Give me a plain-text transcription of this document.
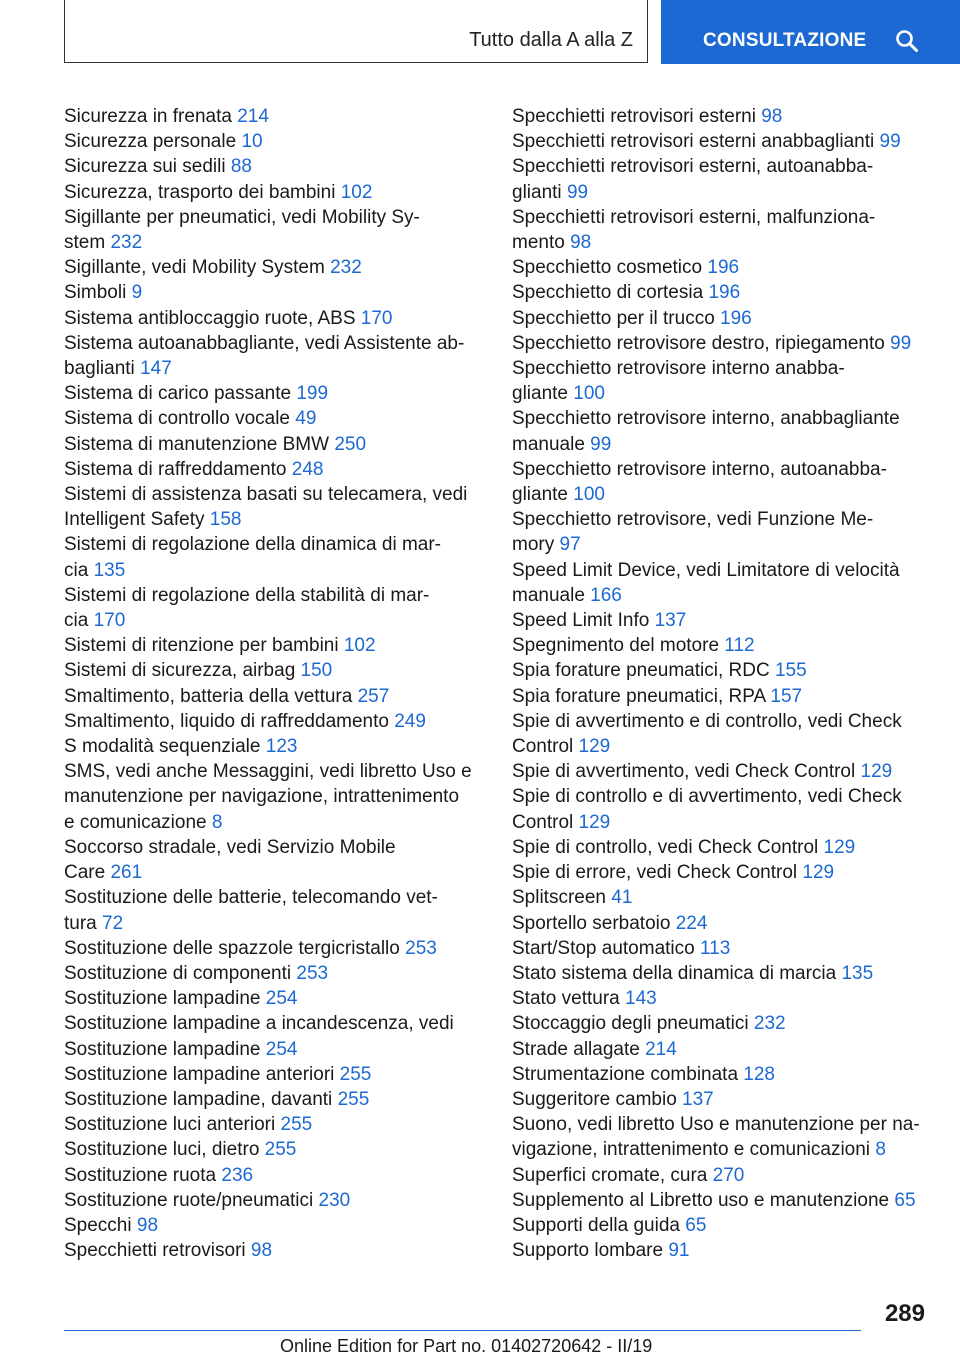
Tutto dalla A alla Z	CONSULTAZIONE
Sicurezza in frenata 214
Sicurezza personale 10
Sicurezza sui sedili 88
Sicurezza, trasporto dei bambini 102
Sigillante per pneumatici, vedi Mobility Sy-
stem 232
Sigillante, vedi Mobility System 232
Simboli 9
Sistema antibloccaggio ruote, ABS 170
Sistema autoanabbagliante, vedi Assistente ab-
baglianti 147
Sistema di carico passante 199
Sistema di controllo vocale 49
Sistema di manutenzione BMW 250
Sistema di raffreddamento 248
Sistemi di assistenza basati su telecamera, vedi
Intelligent Safety 158
Sistemi di regolazione della dinamica di mar-
cia 135
Sistemi di regolazione della stabilità di mar-
cia 170
Sistemi di ritenzione per bambini 102
Sistemi di sicurezza, airbag 150
Smaltimento, batteria della vettura 257
Smaltimento, liquido di raffreddamento 249
S modalità sequenziale 123
SMS, vedi anche Messaggini, vedi libretto Uso e
manutenzione per navigazione, intrattenimento
e comunicazione 8
Soccorso stradale, vedi Servizio Mobile
Care 261
Sostituzione delle batterie, telecomando vet-
tura 72
Sostituzione delle spazzole tergicristallo 253
Sostituzione di componenti 253
Sostituzione lampadine 254
Sostituzione lampadine a incandescenza, vedi
Sostituzione lampadine 254
Sostituzione lampadine anteriori 255
Sostituzione lampadine, davanti 255
Sostituzione luci anteriori 255
Sostituzione luci, dietro 255
Sostituzione ruota 236
Sostituzione ruote/pneumatici 230
Specchi 98
Specchietti retrovisori 98
Specchietti retrovisori esterni 98
Specchietti retrovisori esterni anabbaglianti 99
Specchietti retrovisori esterni, autoanabba-
glianti 99
Specchietti retrovisori esterni, malfunziona-
mento 98
Specchietto cosmetico 196
Specchietto di cortesia 196
Specchietto per il trucco 196
Specchietto retrovisore destro, ripiegamento 99
Specchietto retrovisore interno anabba-
gliante 100
Specchietto retrovisore interno, anabbagliante
manuale 99
Specchietto retrovisore interno, autoanabba-
gliante 100
Specchietto retrovisore, vedi Funzione Me-
mory 97
Speed Limit Device, vedi Limitatore di velocità
manuale 166
Speed Limit Info 137
Spegnimento del motore 112
Spia forature pneumatici, RDC 155
Spia forature pneumatici, RPA 157
Spie di avvertimento e di controllo, vedi Check
Control 129
Spie di avvertimento, vedi Check Control 129
Spie di controllo e di avvertimento, vedi Check
Control 129
Spie di controllo, vedi Check Control 129
Spie di errore, vedi Check Control 129
Splitscreen 41
Sportello serbatoio 224
Start/Stop automatico 113
Stato sistema della dinamica di marcia 135
Stato vettura 143
Stoccaggio degli pneumatici 232
Strade allagate 214
Strumentazione combinata 128
Suggeritore cambio 137
Suono, vedi libretto Uso e manutenzione per na-
vigazione, intrattenimento e comunicazioni 8
Superfici cromate, cura 270
Supplemento al Libretto uso e manutenzione 65
Supporti della guida 65
Supporto lombare 91
289
Online Edition for Part no. 01402720642 - II/19
